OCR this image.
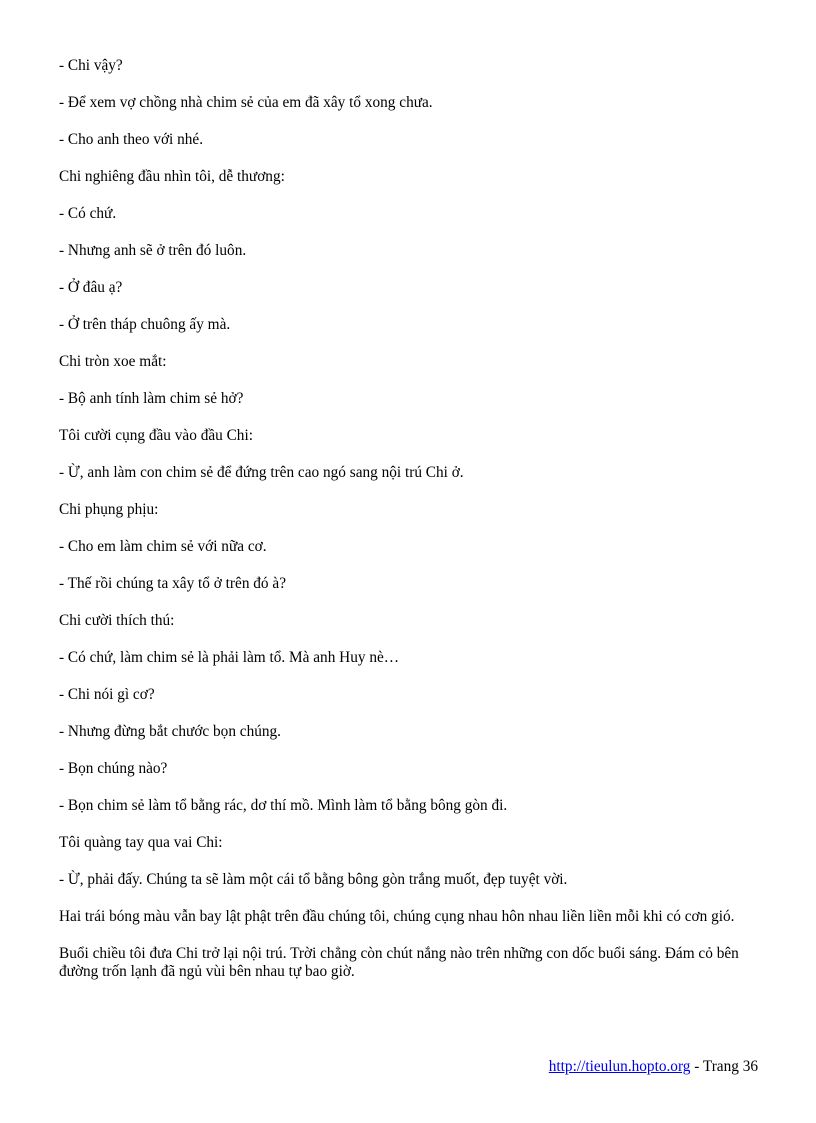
- Chi vậy?

- Để xem vợ chồng nhà chim sẻ của em đã xây tổ xong chưa.

- Cho anh theo với nhé.

Chi nghiêng đầu nhìn tôi, dễ thương:

- Có chứ.

- Nhưng anh sẽ ở trên đó luôn.

- Ở đâu ạ?

- Ở trên tháp chuông ấy mà.

Chi tròn xoe mắt:

- Bộ anh tính làm chim sẻ hở?

Tôi cười cụng đầu vào đầu Chi:

- Ừ, anh làm con chim sẻ để đứng trên cao ngó sang nội trú Chi ở.

Chi phụng phịu:

- Cho em làm chim sẻ với nữa cơ.

- Thế rồi chúng ta xây tổ ở trên đó à?

Chi cười thích thú:

- Có chứ, làm chim sẻ là phải làm tổ. Mà anh Huy nè…

- Chi nói gì cơ?

- Nhưng đừng bắt chước bọn chúng.

- Bọn chúng nào?

- Bọn chim sẻ làm tổ bằng rác, dơ thí mồ. Mình làm tổ bằng bông gòn đi.

Tôi quàng tay qua vai Chi:

- Ừ, phải đấy. Chúng ta sẽ làm một cái tổ bằng bông gòn trắng muốt, đẹp tuyệt vời.

Hai trái bóng màu vẫn bay lật phật trên đầu chúng tôi, chúng cụng nhau hôn nhau liền liền mỗi khi có cơn gió.

Buổi chiều tôi đưa Chi trở lại nội trú. Trời chẳng còn chút nắng nào trên những con dốc buổi sáng. Đám cỏ bên đường trốn lạnh đã ngủ vùi bên nhau tự bao giờ.

http://tieulun.hopto.org - Trang 36
